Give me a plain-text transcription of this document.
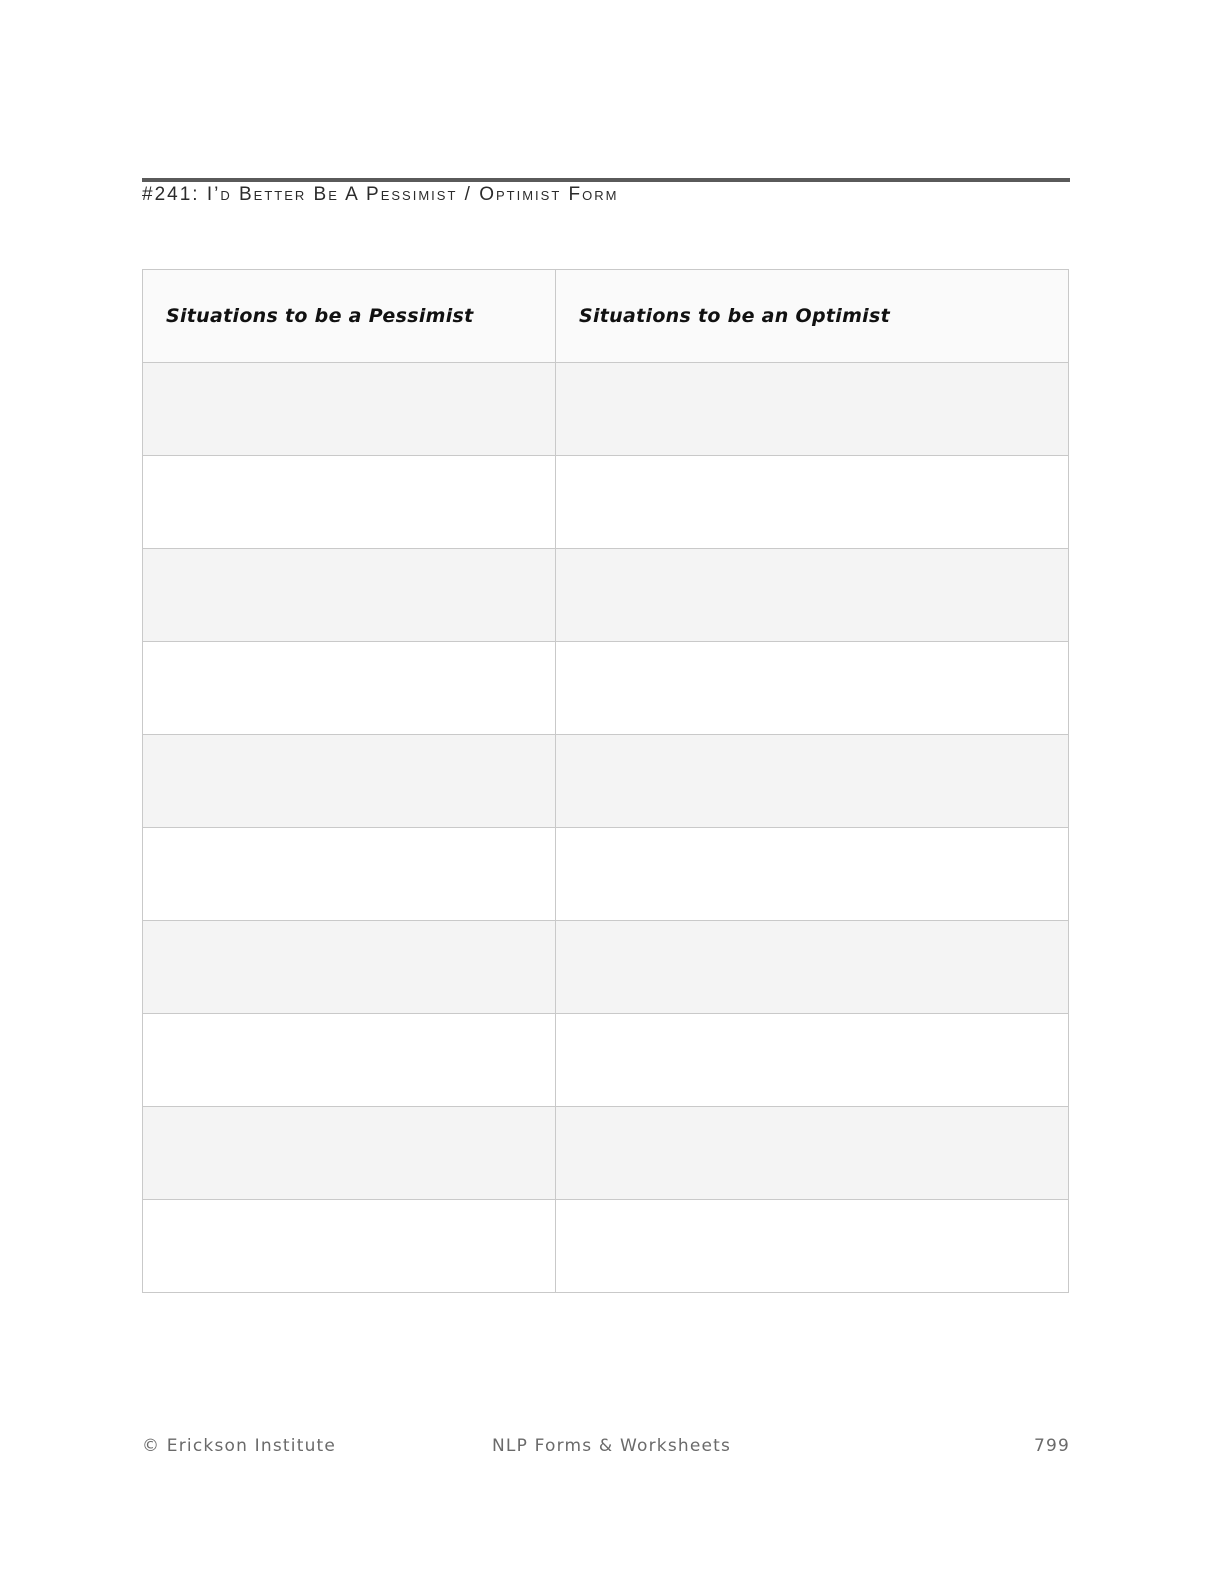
#241: I’d Better Be A Pessimist / Optimist Form
Situations to be a Pessimist	Situations to be an Optimist

© Erickson Institute	NLP Forms & Worksheets	799
